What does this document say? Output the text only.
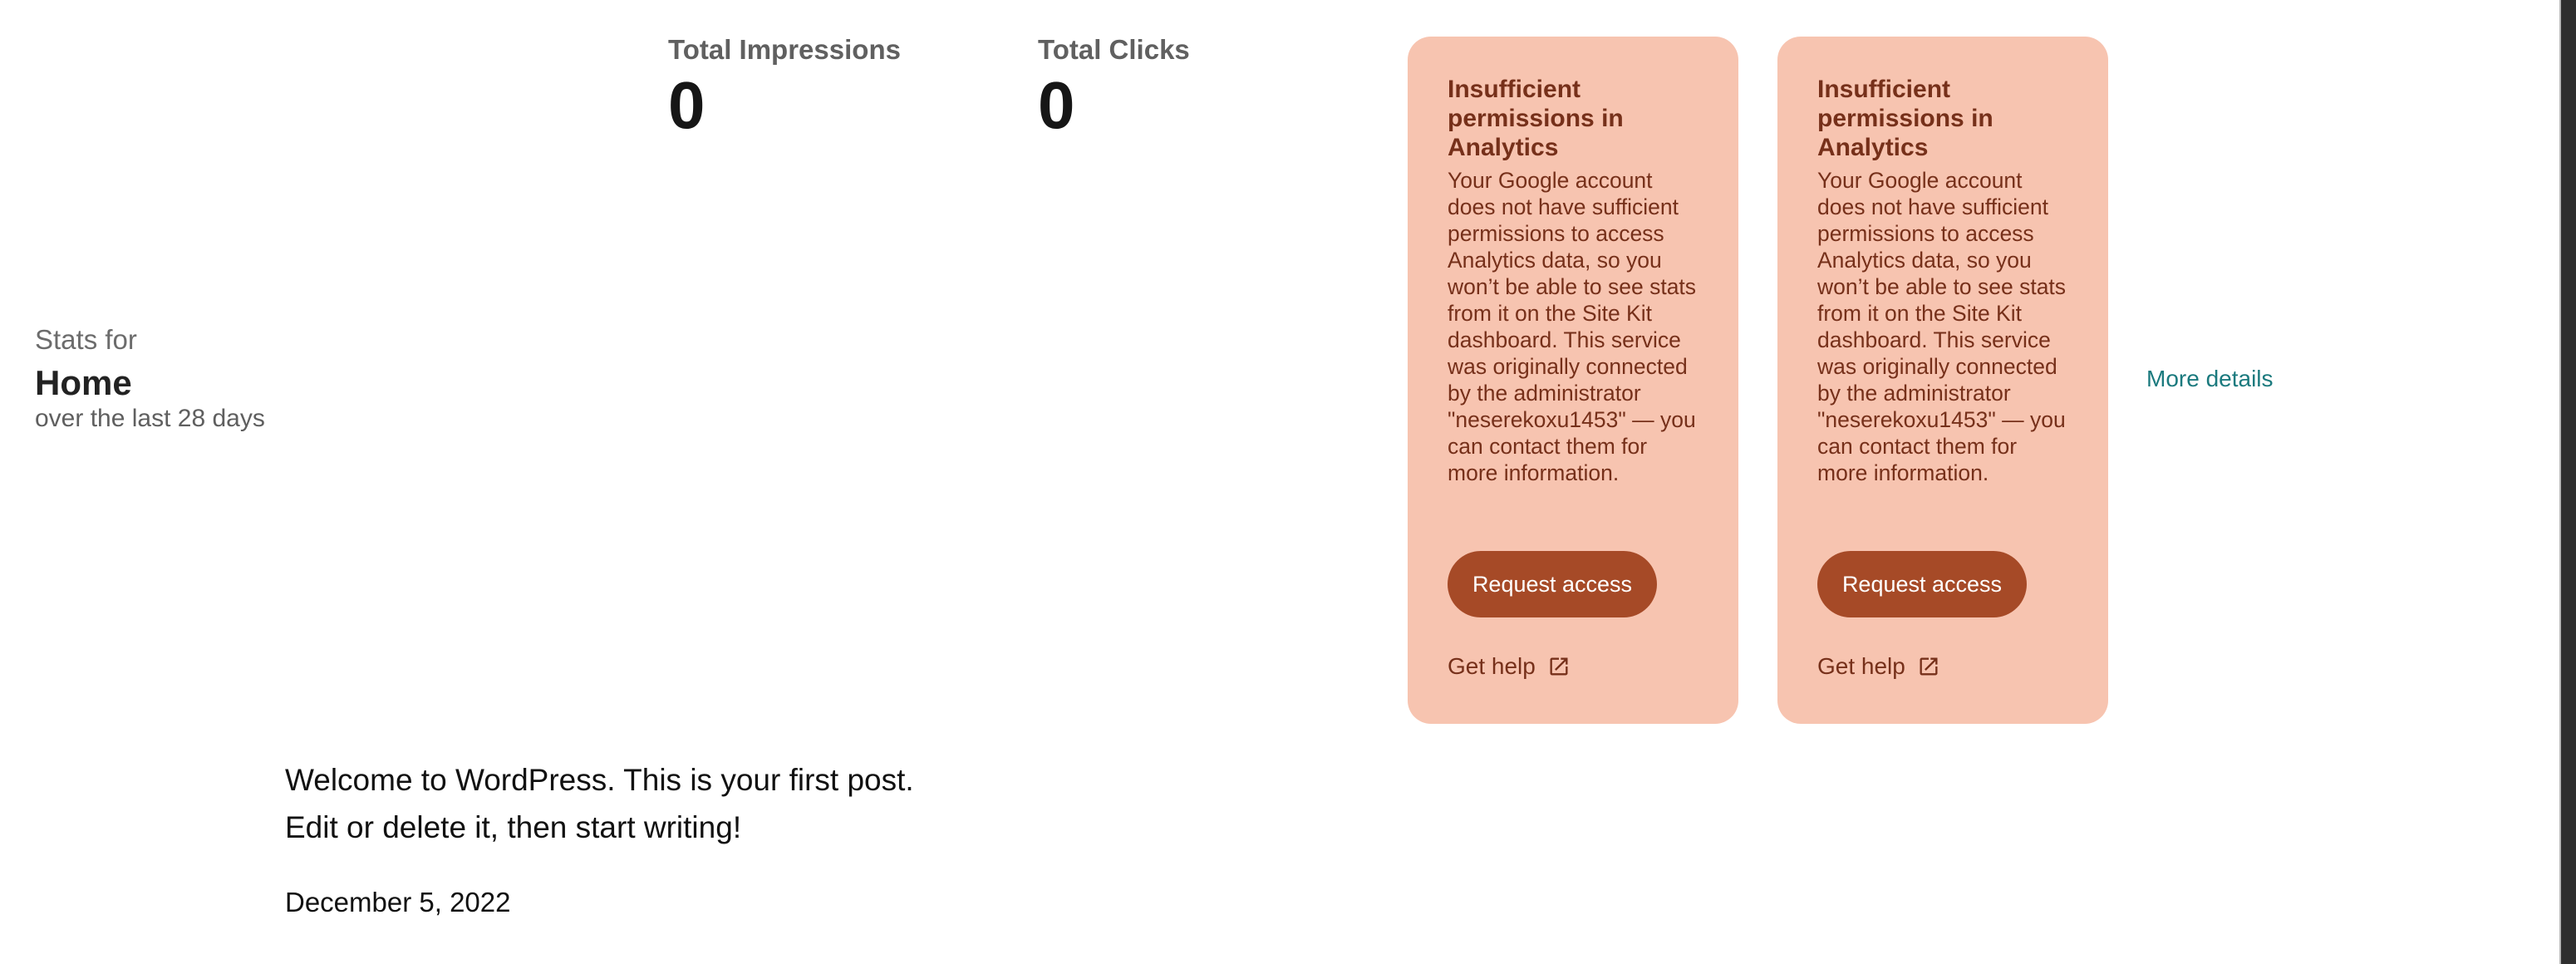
Stats for

Home

over the last 28 days

Total Impressions
0
Total Clicks
0	Insufficient permissions in Analytics

Your Google account does not have sufficient permissions to access Analytics data, so you won’t be able to see stats from it on the Site Kit dashboard. This service was originally connected by the administrator "neserekoxu1453" — you can contact them for more information.

Request access
Get help

Insufficient permissions in Analytics

Your Google account does not have sufficient permissions to access Analytics data, so you won’t be able to see stats from it on the Site Kit dashboard. This service was originally connected by the administrator "neserekoxu1453" — you can contact them for more information.

Request access
Get help
More details

Welcome to WordPress. This is your first post. Edit or delete it, then start writing!

December 5, 2022
